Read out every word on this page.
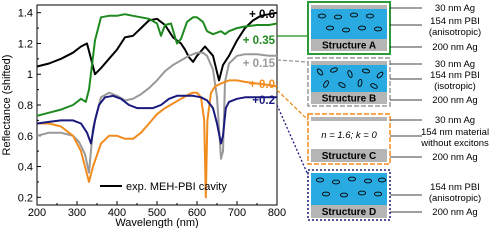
200 300 400 500 600 700 800
0.2
0.4
0.6
0.8
1
1.2
1.4	+ 0.6
+ 0.35
+ 0.15
+ 0.0
+0.2
exp. MEH-PBI cavity
Wavelength (nm)
Reflectance (shifted)
Structure A
Structure B
n = 1.6; k = 0
Structure C
Structure D
30 nm Ag
154 nm PBI
(anisotropic)
200 nm Ag
30 nm Ag
154 nm PBI
(isotropic)
200 nm Ag
30 nm Ag
154 nm material
without excitons
200 nm Ag
154 nm PBI
(anisotropic)
200 nm Ag
